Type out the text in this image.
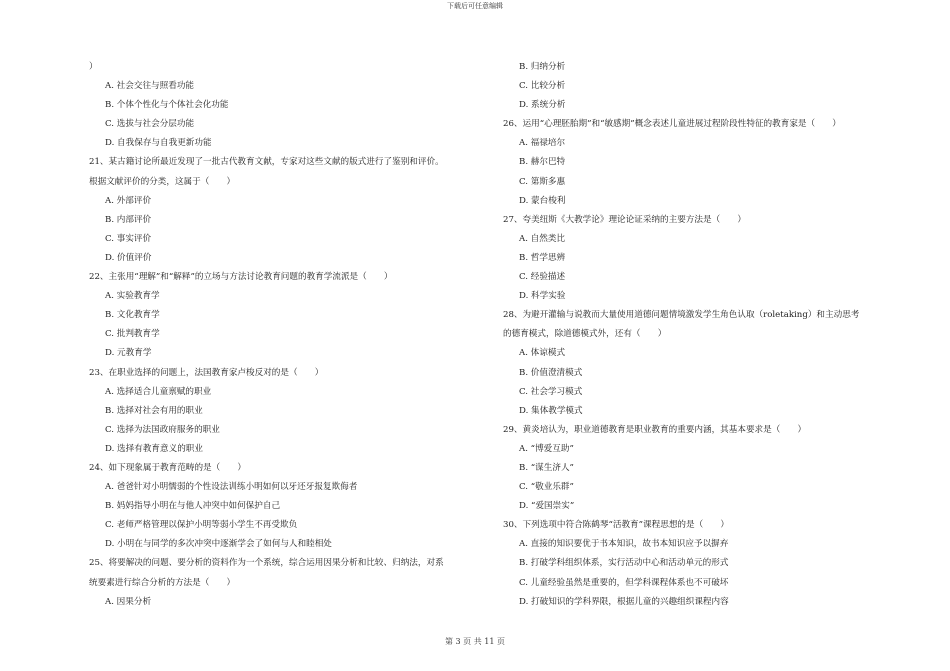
下载后可任意编辑
）
A. 社会交往与照看功能
B. 个体个性化与个体社会化功能
C. 选拔与社会分层功能
D. 自我保存与自我更新功能
21、某古籍讨论所最近发现了一批古代教育文献，专家对这些文献的版式进行了鉴别和评价。
根据文献评价的分类，这属于（　　）
A. 外部评价
B. 内部评价
C. 事实评价
D. 价值评价
22、主张用“理解”和“解释”的立场与方法讨论教育问题的教育学流派是（　　）
A. 实验教育学
B. 文化教育学
C. 批判教育学
D. 元教育学
23、在职业选择的问题上，法国教育家卢梭反对的是（　　）
A. 选择适合儿童禀赋的职业
B. 选择对社会有用的职业
C. 选择为法国政府服务的职业
D. 选择有教育意义的职业
24、如下现象属于教育范畴的是（　　）
A. 爸爸针对小明懦弱的个性设法训练小明如何以牙还牙报复欺侮者
B. 妈妈指导小明在与他人冲突中如何保护自己
C. 老师严格管理以保护小明等弱小学生不再受欺负
D. 小明在与同学的多次冲突中逐渐学会了如何与人和睦相处
25、将要解决的问题、要分析的资料作为一个系统，综合运用因果分析和比较、归纳法，对系
统要素进行综合分析的方法是（　　）
A. 因果分析
B. 归纳分析
C. 比较分析
D. 系统分析
26、运用“心理胚胎期”和“敏感期”概念表述儿童进展过程阶段性特征的教育家是（　　）
A. 福禄培尔
B. 赫尔巴特
C. 第斯多惠
D. 蒙台梭利
27、夸美纽斯《大教学论》理论论证采纳的主要方法是（　　）
A. 自然类比
B. 哲学思辨
C. 经验描述
D. 科学实验
28、为避开灌输与说教而大量使用道德问题情境激发学生角色认取（roletaking）和主动思考
的德育模式，除道德模式外，还有（　　）
A. 体谅模式
B. 价值澄清模式
C. 社会学习模式
D. 集体教学模式
29、黄炎培认为，职业道德教育是职业教育的重要内涵，其基本要求是（　　）
A. “博爱互助”
B. “谋生济人”
C. “敬业乐群”
D. “爱国崇实”
30、下列选项中符合陈鹤琴“活教育”课程思想的是（　　）
A. 直接的知识要优于书本知识，故书本知识应予以摒弃
B. 打破学科组织体系，实行活动中心和活动单元的形式
C. 儿童经验虽然是重要的，但学科课程体系也不可破坏
D. 打破知识的学科界限，根据儿童的兴趣组织课程内容
第 3 页 共 11 页
